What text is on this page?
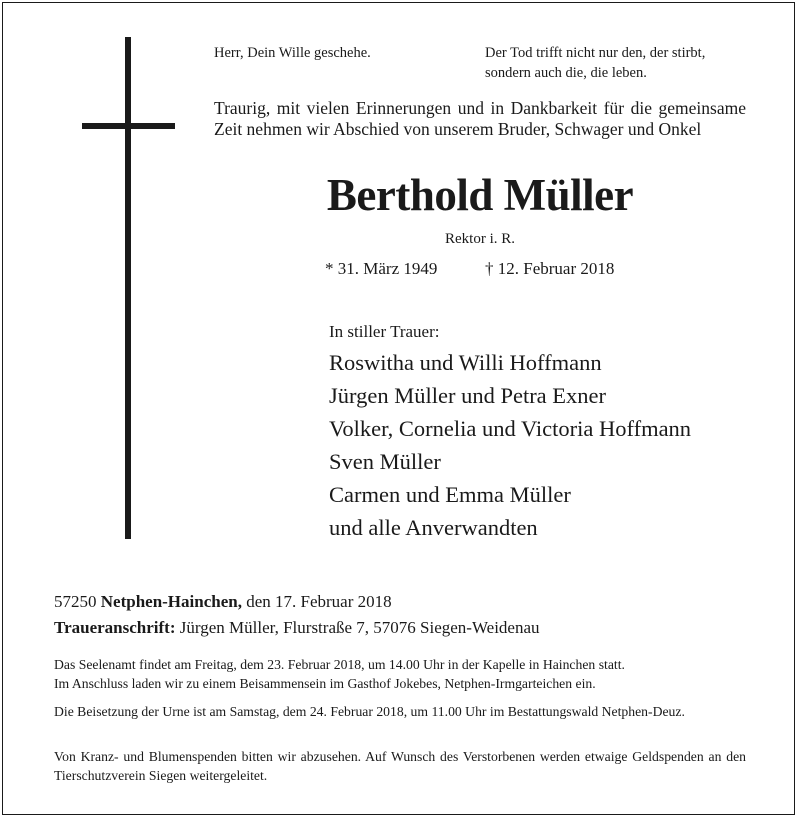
Herr, Dein Wille geschehe.	Der Tod trifft nicht nur den, der stirbt,
sondern auch die, die leben.
Traurig, mit vielen Erinnerungen und in Dankbarkeit für die gemeinsame Zeit nehmen wir Abschied von unserem Bruder, Schwager und Onkel
Berthold Müller
Rektor i. R.
* 31. März 1949	† 12. Februar 2018
In stiller Trauer:
Roswitha und Willi Hoffmann
Jürgen Müller und Petra Exner
Volker, Cornelia und Victoria Hoffmann
Sven Müller
Carmen und Emma Müller
und alle Anverwandten
57250 Netphen-Hainchen, den 17. Februar 2018
Traueranschrift: Jürgen Müller, Flurstraße 7, 57076 Siegen-Weidenau
Das Seelenamt findet am Freitag, dem 23. Februar 2018, um 14.00 Uhr in der Kapelle in Hainchen statt.
Im Anschluss laden wir zu einem Beisammensein im Gasthof Jokebes, Netphen-Irmgarteichen ein.
Die Beisetzung der Urne ist am Samstag, dem 24. Februar 2018, um 11.00 Uhr im Bestattungswald Netphen-Deuz.
Von Kranz- und Blumenspenden bitten wir abzusehen. Auf Wunsch des Verstorbenen werden etwaige Geldspenden an den Tierschutzverein Siegen weitergeleitet.
